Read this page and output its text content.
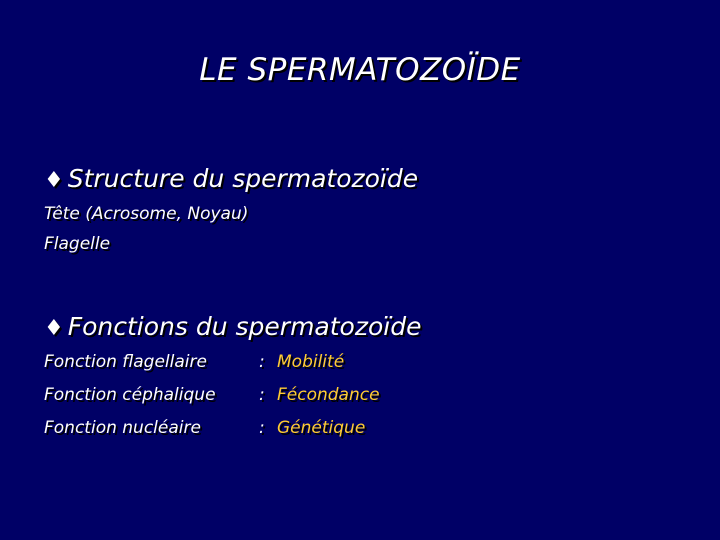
LE SPERMATOZOÏDE
♦ Structure du spermatozoïde
Tête (Acrosome, Noyau)
Flagelle
♦ Fonctions du spermatozoïde
Fonction flagellaire	: Mobilité
Fonction céphalique	: Fécondance
Fonction nucléaire	: Génétique
